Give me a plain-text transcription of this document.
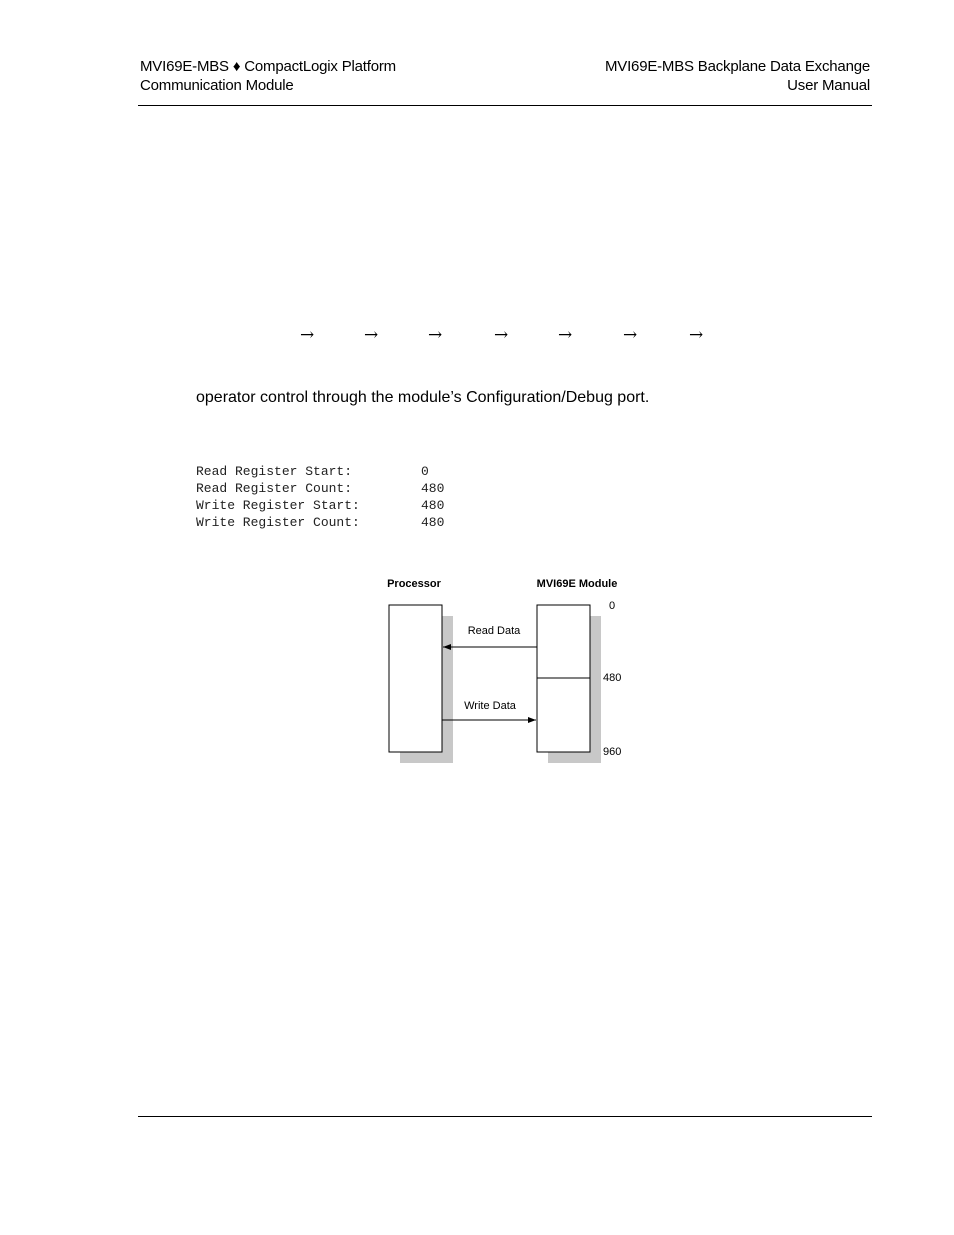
MVI69E-MBS ♦ CompactLogix Platform
Communication Module
MVI69E-MBS Backplane Data Exchange
User Manual
→	→	→	→	→	→	→
operator control through the module’s Configuration/Debug port.
Read Register Start:	0
Read Register Count:	480
Write Register Start:	480
Write Register Count:	480
Processor	MVI69E Module
Read Data
Write Data
0
480
960
